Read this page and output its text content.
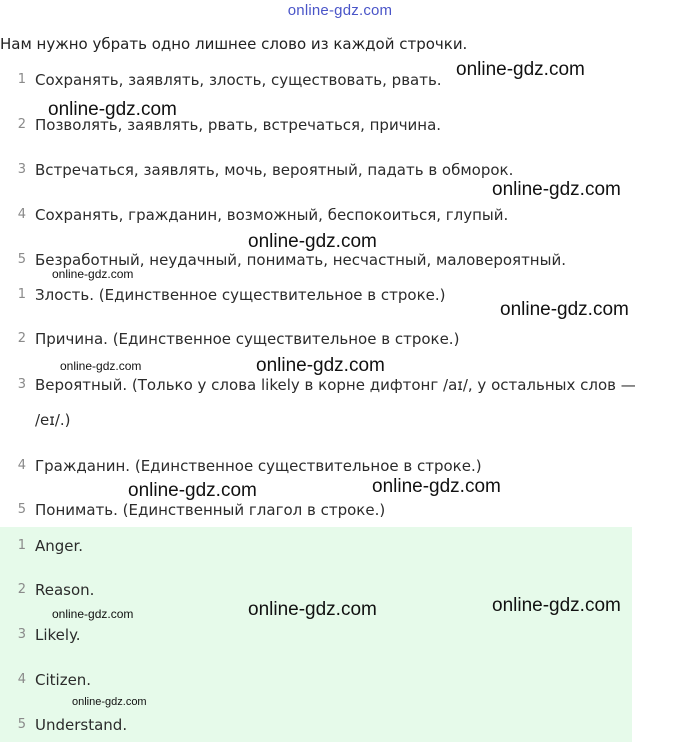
online-gdz.com
Нам нужно убрать одно лишнее слово из каждой строчки.
1 Сохранять, заявлять, злость, существовать, рвать.
2 Позволять, заявлять, рвать, встречаться, причина.
3 Встречаться, заявлять, мочь, вероятный, падать в обморок.
4 Сохранять, гражданин, возможный, беспокоиться, глупый.
5 Безработный, неудачный, понимать, несчастный, маловероятный.
1 Злость. (Единственное существительное в строке.)
2 Причина. (Единственное существительное в строке.)
3 Вероятный. (Только у слова likely в корне дифтонг /aɪ/, у остальных слов —
/eɪ/.)
4 Гражданин. (Единственное существительное в строке.)
5 Понимать. (Единственный глагол в строке.)
1 Anger.
2 Reason.
3 Likely.
4 Citizen.
5 Understand.
online-gdz.com
online-gdz.com
online-gdz.com
online-gdz.com
online-gdz.com
online-gdz.com
online-gdz.com	online-gdz.com
online-gdz.com	online-gdz.com
online-gdz.com	online-gdz.com
online-gdz.com
online-gdz.com
